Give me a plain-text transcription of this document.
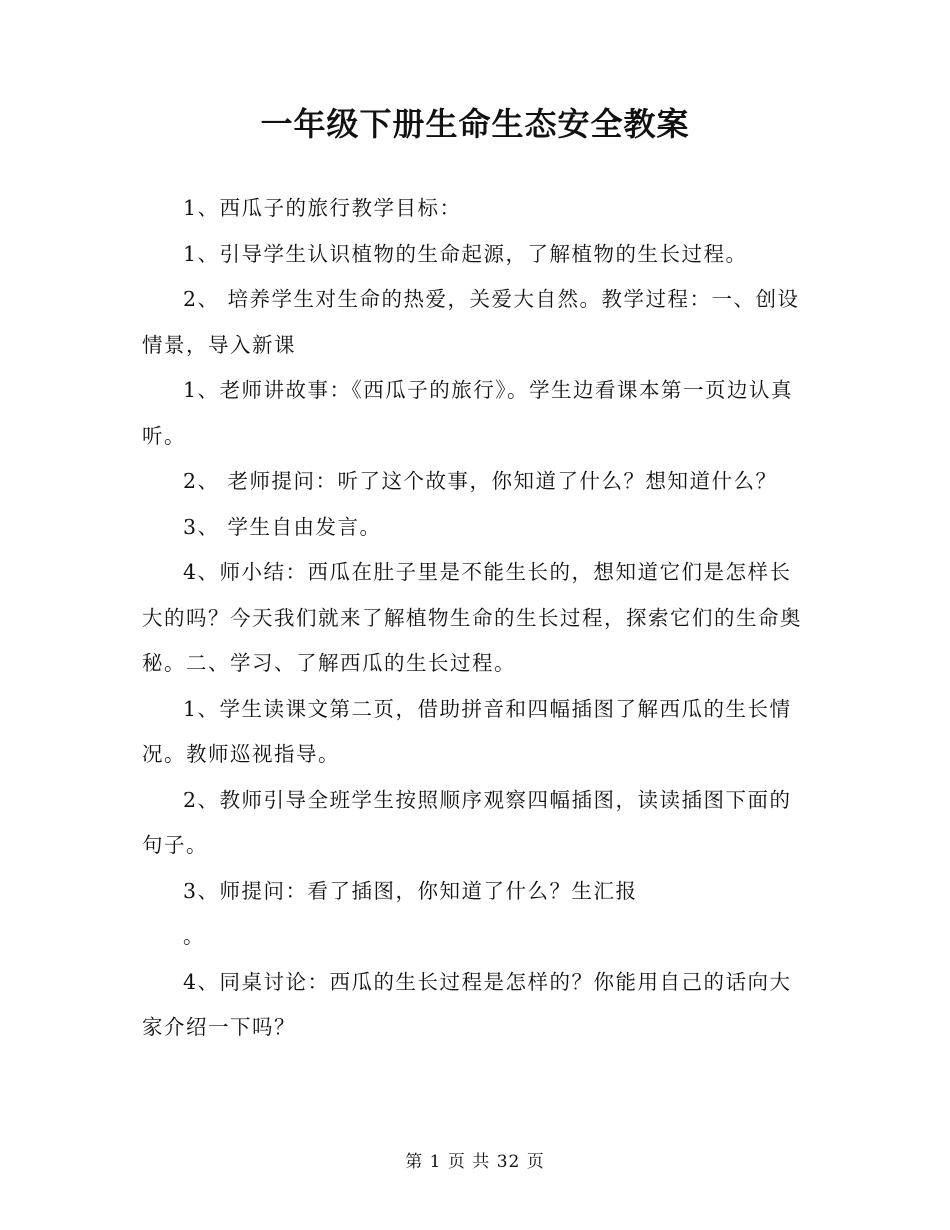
一年级下册生命生态安全教案

1、西瓜子的旅行教学目标：

1、引导学生认识植物的生命起源，了解植物的生长过程。

2、 培养学生对生命的热爱，关爱大自然。教学过程：一、创设情景，导入新课

1、老师讲故事：《西瓜子的旅行》。学生边看课本第一页边认真听。

2、 老师提问：听了这个故事，你知道了什么？想知道什么？

3、 学生自由发言。

4、师小结：西瓜在肚子里是不能生长的，想知道它们是怎样长大的吗？今天我们就来了解植物生命的生长过程，探索它们的生命奥秘。二、学习、了解西瓜的生长过程。

1、学生读课文第二页，借助拼音和四幅插图了解西瓜的生长情况。教师巡视指导。

2、教师引导全班学生按照顺序观察四幅插图，读读插图下面的句子。

3、师提问：看了插图，你知道了什么？生汇报

。

4、同桌讨论：西瓜的生长过程是怎样的？你能用自己的话向大家介绍一下吗？

第 1 页 共 32 页
